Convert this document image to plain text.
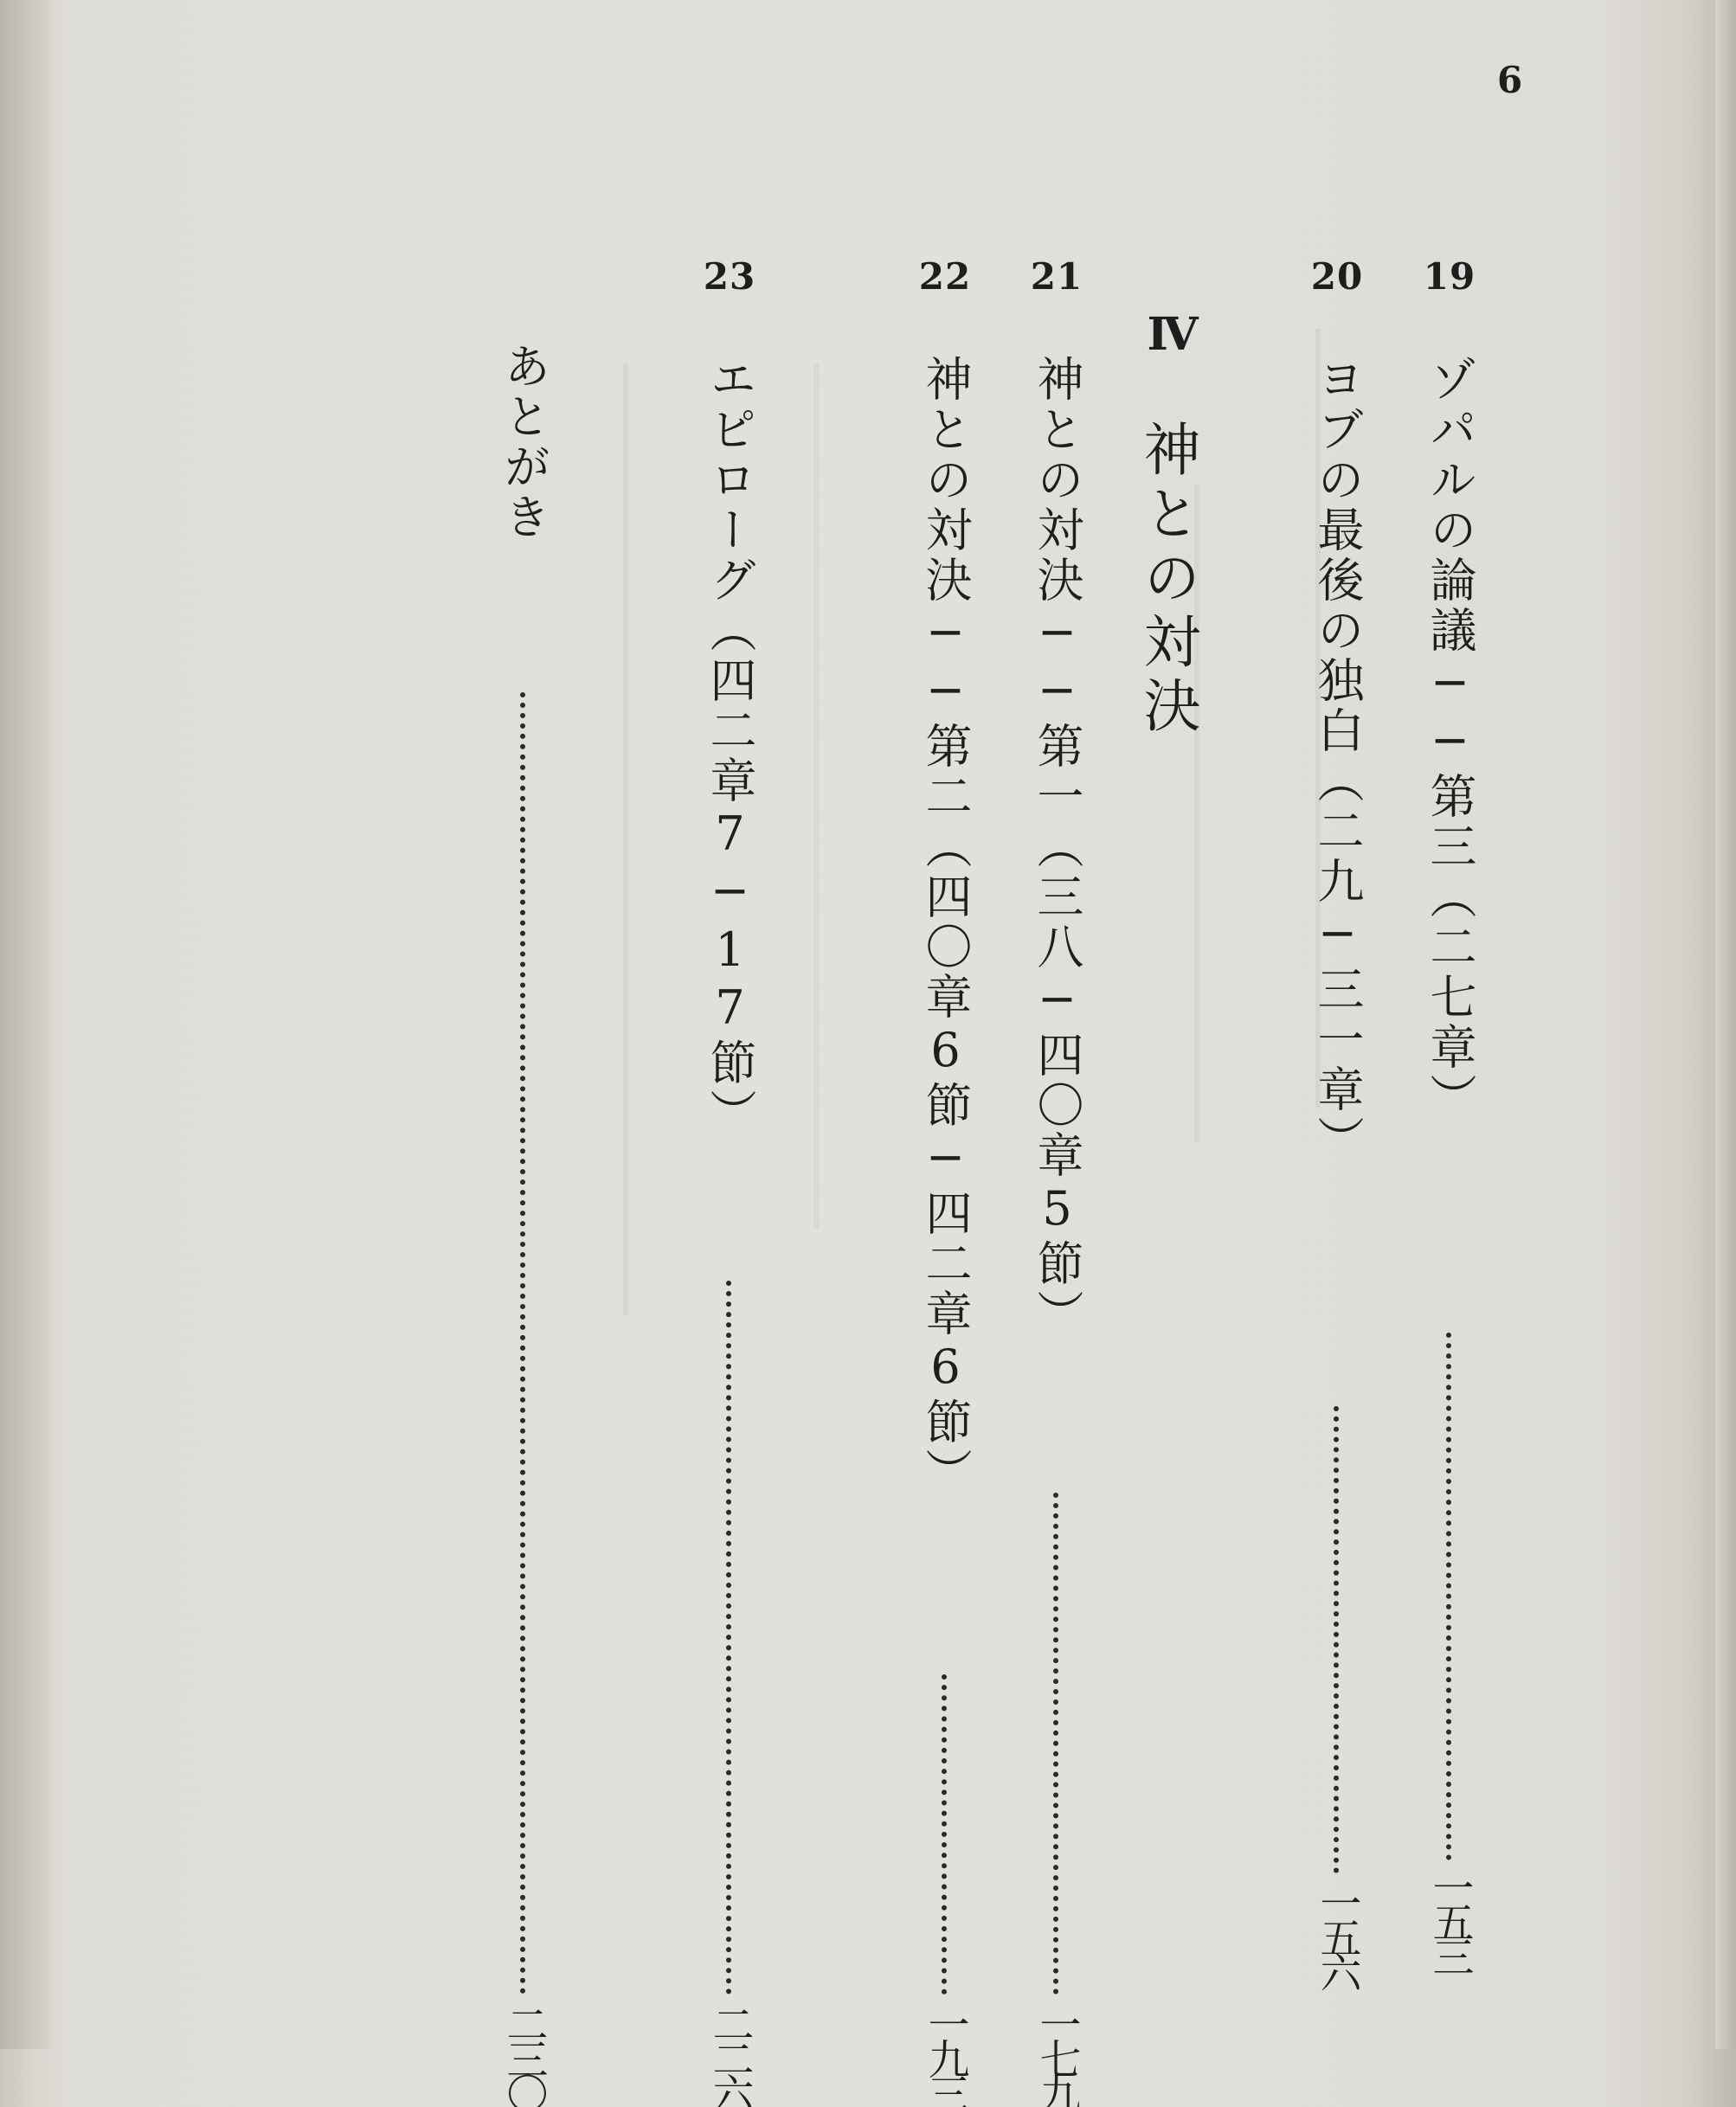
6
19
ゾパルの論議──第三（二七章）
一五三
20
ヨブの最後の独白（二九─三一章）
一五六
Ⅳ
神との対決
21
神との対決──第一（三八─四〇章5節）
一七九
22
神との対決──第二（四〇章6節─四二章6節）
一九三
23
エピローグ（四二章7─17節）
二二六
あとがき
二三〇
